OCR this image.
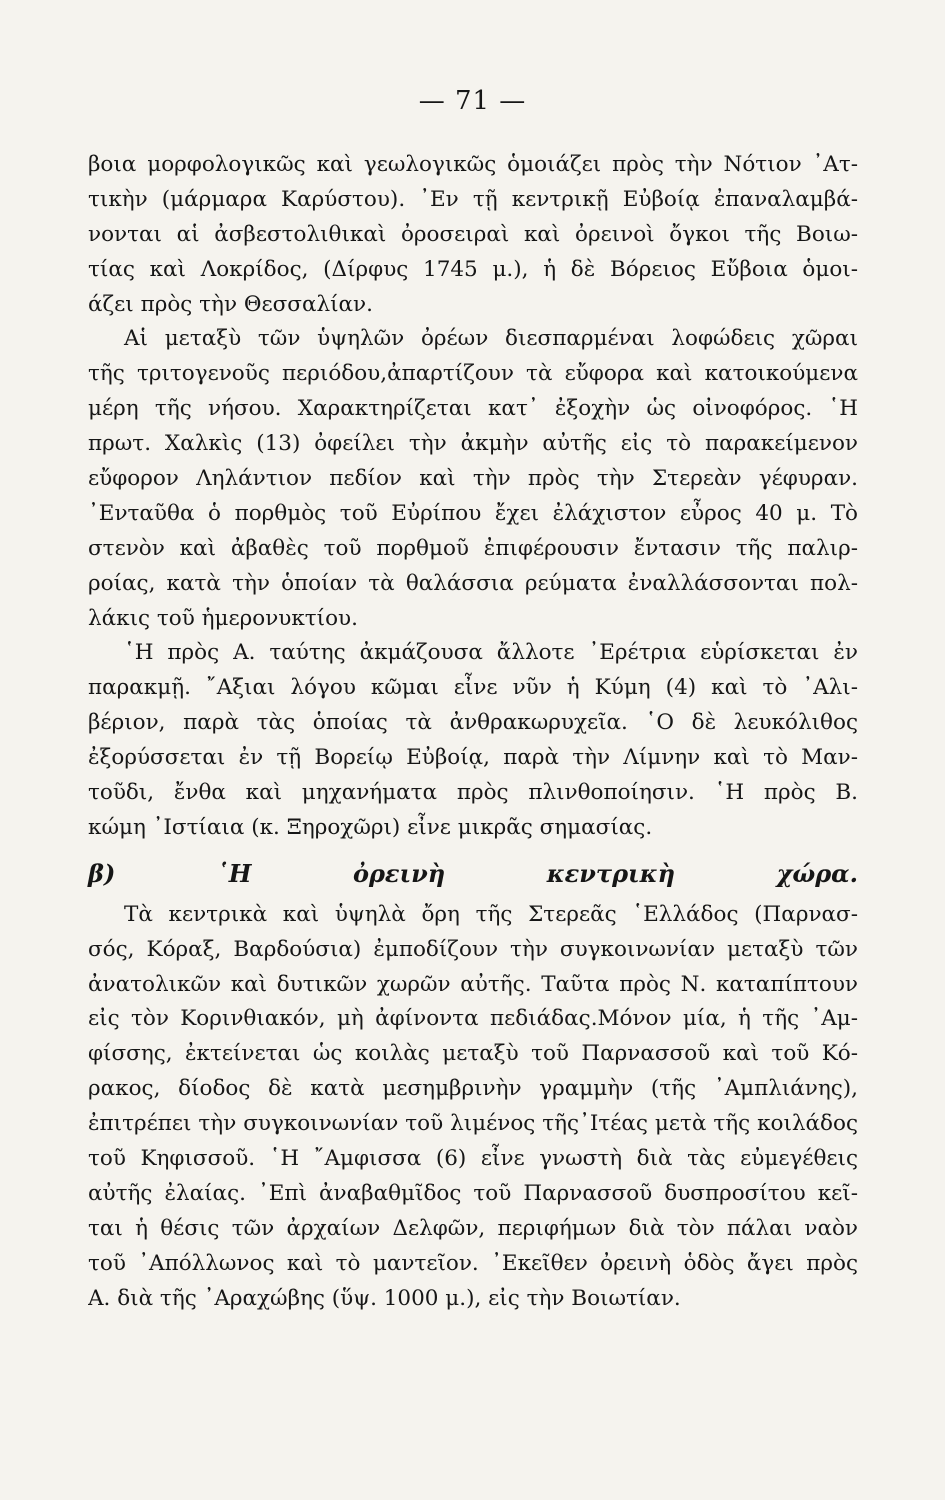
— 71 —
βοια μορφολογικῶς καὶ γεωλογικῶς ὁμοιάζει πρὸς τὴν Νότιον ᾿Ατ-
τικὴν (μάρμαρα Καρύστου). ᾿Εν τῇ κεντρικῇ Εὐβοίᾳ ἐπαναλαμβά-
νονται αἱ ἀσβεστολιθικαὶ ὀροσειραὶ καὶ ὀρεινοὶ ὄγκοι τῆς Βοιω-
τίας καὶ Λοκρίδος, (Δίρφυς 1745 μ.), ἡ δὲ Βόρειος Εὔβοια ὁμοι-
άζει πρὸς τὴν Θεσσαλίαν.
Αἱ μεταξὺ τῶν ὑψηλῶν ὀρέων διεσπαρμέναι λοφώδεις χῶραι
τῆς τριτογενοῦς περιόδου,ἀπαρτίζουν τὰ εὔφορα καὶ κατοικούμενα
μέρη τῆς νήσου. Χαρακτηρίζεται κατ᾿ ἐξοχὴν ὡς οἰνοφόρος. ῾Η
πρωτ. Χαλκὶς (13) ὀφείλει τὴν ἀκμὴν αὐτῆς εἰς τὸ παρακείμενον
εὔφορον Ληλάντιον πεδίον καὶ τὴν πρὸς τὴν Στερεὰν γέφυραν.
᾿Ενταῦθα ὁ πορθμὸς τοῦ Εὐρίπου ἔχει ἐλάχιστον εὖρος 40 μ. Τὸ
στενὸν καὶ ἀβαθὲς τοῦ πορθμοῦ ἐπιφέρουσιν ἔντασιν τῆς παλιρ-
ροίας, κατὰ τὴν ὁποίαν τὰ θαλάσσια ρεύματα ἐναλλάσσονται πολ-
λάκις τοῦ ἡμερονυκτίου.
῾Η πρὸς Α. ταύτης ἀκμάζουσα ἄλλοτε ᾿Ερέτρια εὑρίσκεται ἐν
παρακμῇ. ῎Αξιαι λόγου κῶμαι εἶνε νῦν ἡ Κύμη (4) καὶ τὸ ᾿Αλι-
βέριον, παρὰ τὰς ὁποίας τὰ ἀνθρακωρυχεῖα. ῾Ο δὲ λευκόλιθος
ἐξορύσσεται ἐν τῇ Βορείῳ Εὐβοίᾳ, παρὰ τὴν Λίμνην καὶ τὸ Μαν-
τοῦδι, ἔνθα καὶ μηχανήματα πρὸς πλινθοποίησιν. ῾Η πρὸς Β.
κώμη ᾿Ιστίαια (κ. Ξηροχῶρι) εἶνε μικρᾶς σημασίας.
β) ῾Η ὀρεινὴ κεντρικὴ χώρα.
Τὰ κεντρικὰ καὶ ὑψηλὰ ὄρη τῆς Στερεᾶς ῾Ελλάδος (Παρνασ-
σός, Κόραξ, Βαρδούσια) ἐμποδίζουν τὴν συγκοινωνίαν μεταξὺ τῶν
ἀνατολικῶν καὶ δυτικῶν χωρῶν αὐτῆς. Ταῦτα πρὸς Ν. καταπίπτουν
εἰς τὸν Κορινθιακόν, μὴ ἀφίνοντα πεδιάδας.Μόνον μία, ἡ τῆς ᾿Αμ-
φίσσης, ἐκτείνεται ὡς κοιλὰς μεταξὺ τοῦ Παρνασσοῦ καὶ τοῦ Κό-
ρακος, δίοδος δὲ κατὰ μεσημβρινὴν γραμμὴν (τῆς ᾿Αμπλιάνης),
ἐπιτρέπει τὴν συγκοινωνίαν τοῦ λιμένος τῆς᾿Ιτέας μετὰ τῆς κοιλάδος
τοῦ Κηφισσοῦ. ῾Η ῎Αμφισσα (6) εἶνε γνωστὴ διὰ τὰς εὐμεγέθεις
αὐτῆς ἐλαίας. ᾿Επὶ ἀναβαθμῖδος τοῦ Παρνασσοῦ δυσπροσίτου κεῖ-
ται ἡ θέσις τῶν ἀρχαίων Δελφῶν, περιφήμων διὰ τὸν πάλαι ναὸν
τοῦ ᾿Απόλλωνος καὶ τὸ μαντεῖον. ᾿Εκεῖθεν ὀρεινὴ ὁδὸς ἄγει πρὸς
Α. διὰ τῆς ᾿Αραχώβης (ὕψ. 1000 μ.), εἰς τὴν Βοιωτίαν.
